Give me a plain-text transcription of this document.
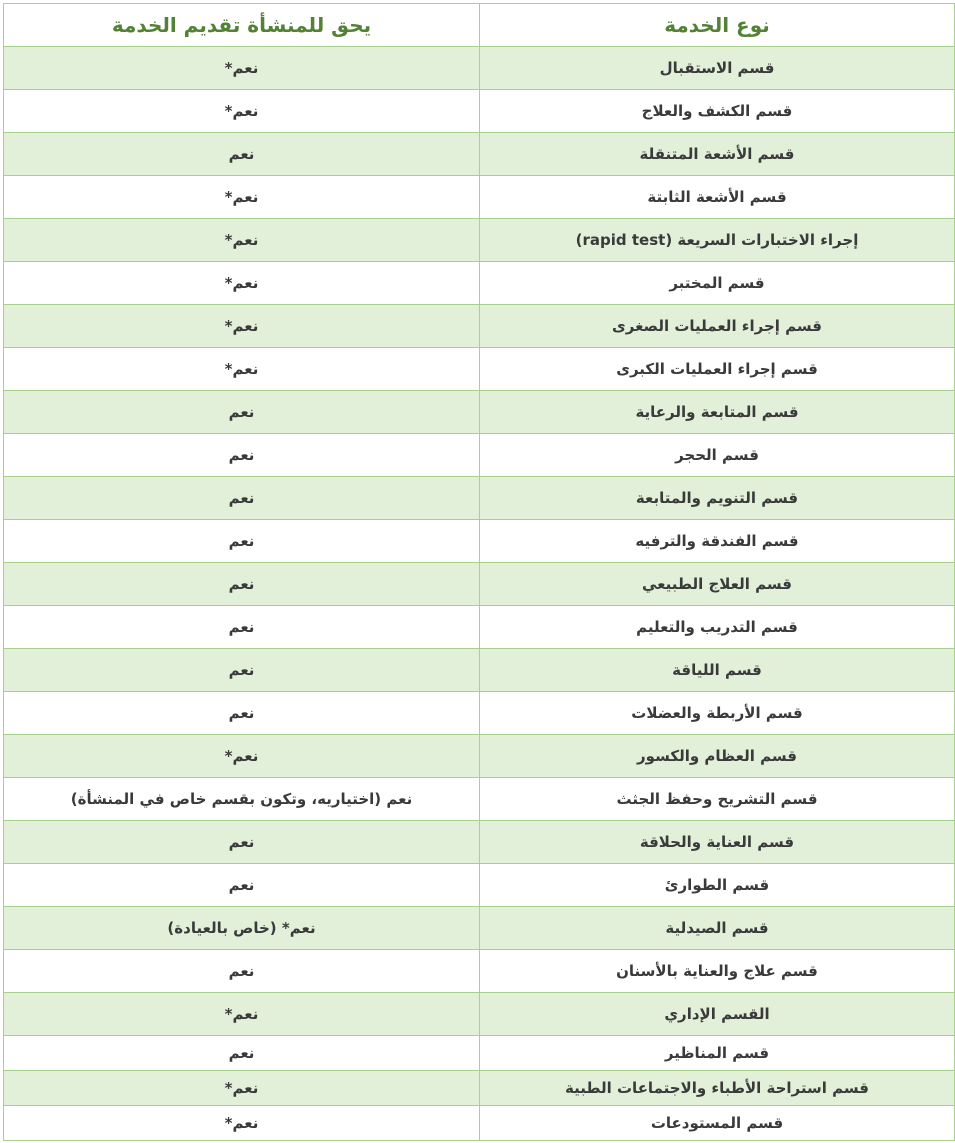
نوع الخدمة	يحق للمنشأة تقديم الخدمة
قسم الاستقبال	نعم*
قسم الكشف والعلاج	نعم*
قسم الأشعة المتنقلة	نعم
قسم الأشعة الثابتة	نعم*
إجراء الاختبارات السريعة (rapid test)	نعم*
قسم المختبر	نعم*
قسم إجراء العمليات الصغرى	نعم*
قسم إجراء العمليات الكبرى	نعم*
قسم المتابعة والرعاية	نعم
قسم الحجر	نعم
قسم التنويم والمتابعة	نعم
قسم الفندقة والترفيه	نعم
قسم العلاج الطبيعي	نعم
قسم التدريب والتعليم	نعم
قسم اللياقة	نعم
قسم الأربطة والعضلات	نعم
قسم العظام والكسور	نعم*
قسم التشريح وحفظ الجثث	نعم (اختياريه، وتكون بقسم خاص في المنشأة)
قسم العناية والحلاقة	نعم
قسم الطوارئ	نعم
قسم الصيدلية	نعم* (خاص بالعيادة)
قسم علاج والعناية بالأسنان	نعم
القسم الإداري	نعم*
قسم المناظير	نعم
قسم استراحة الأطباء والاجتماعات الطبية	نعم*
قسم المستودعات	نعم*
